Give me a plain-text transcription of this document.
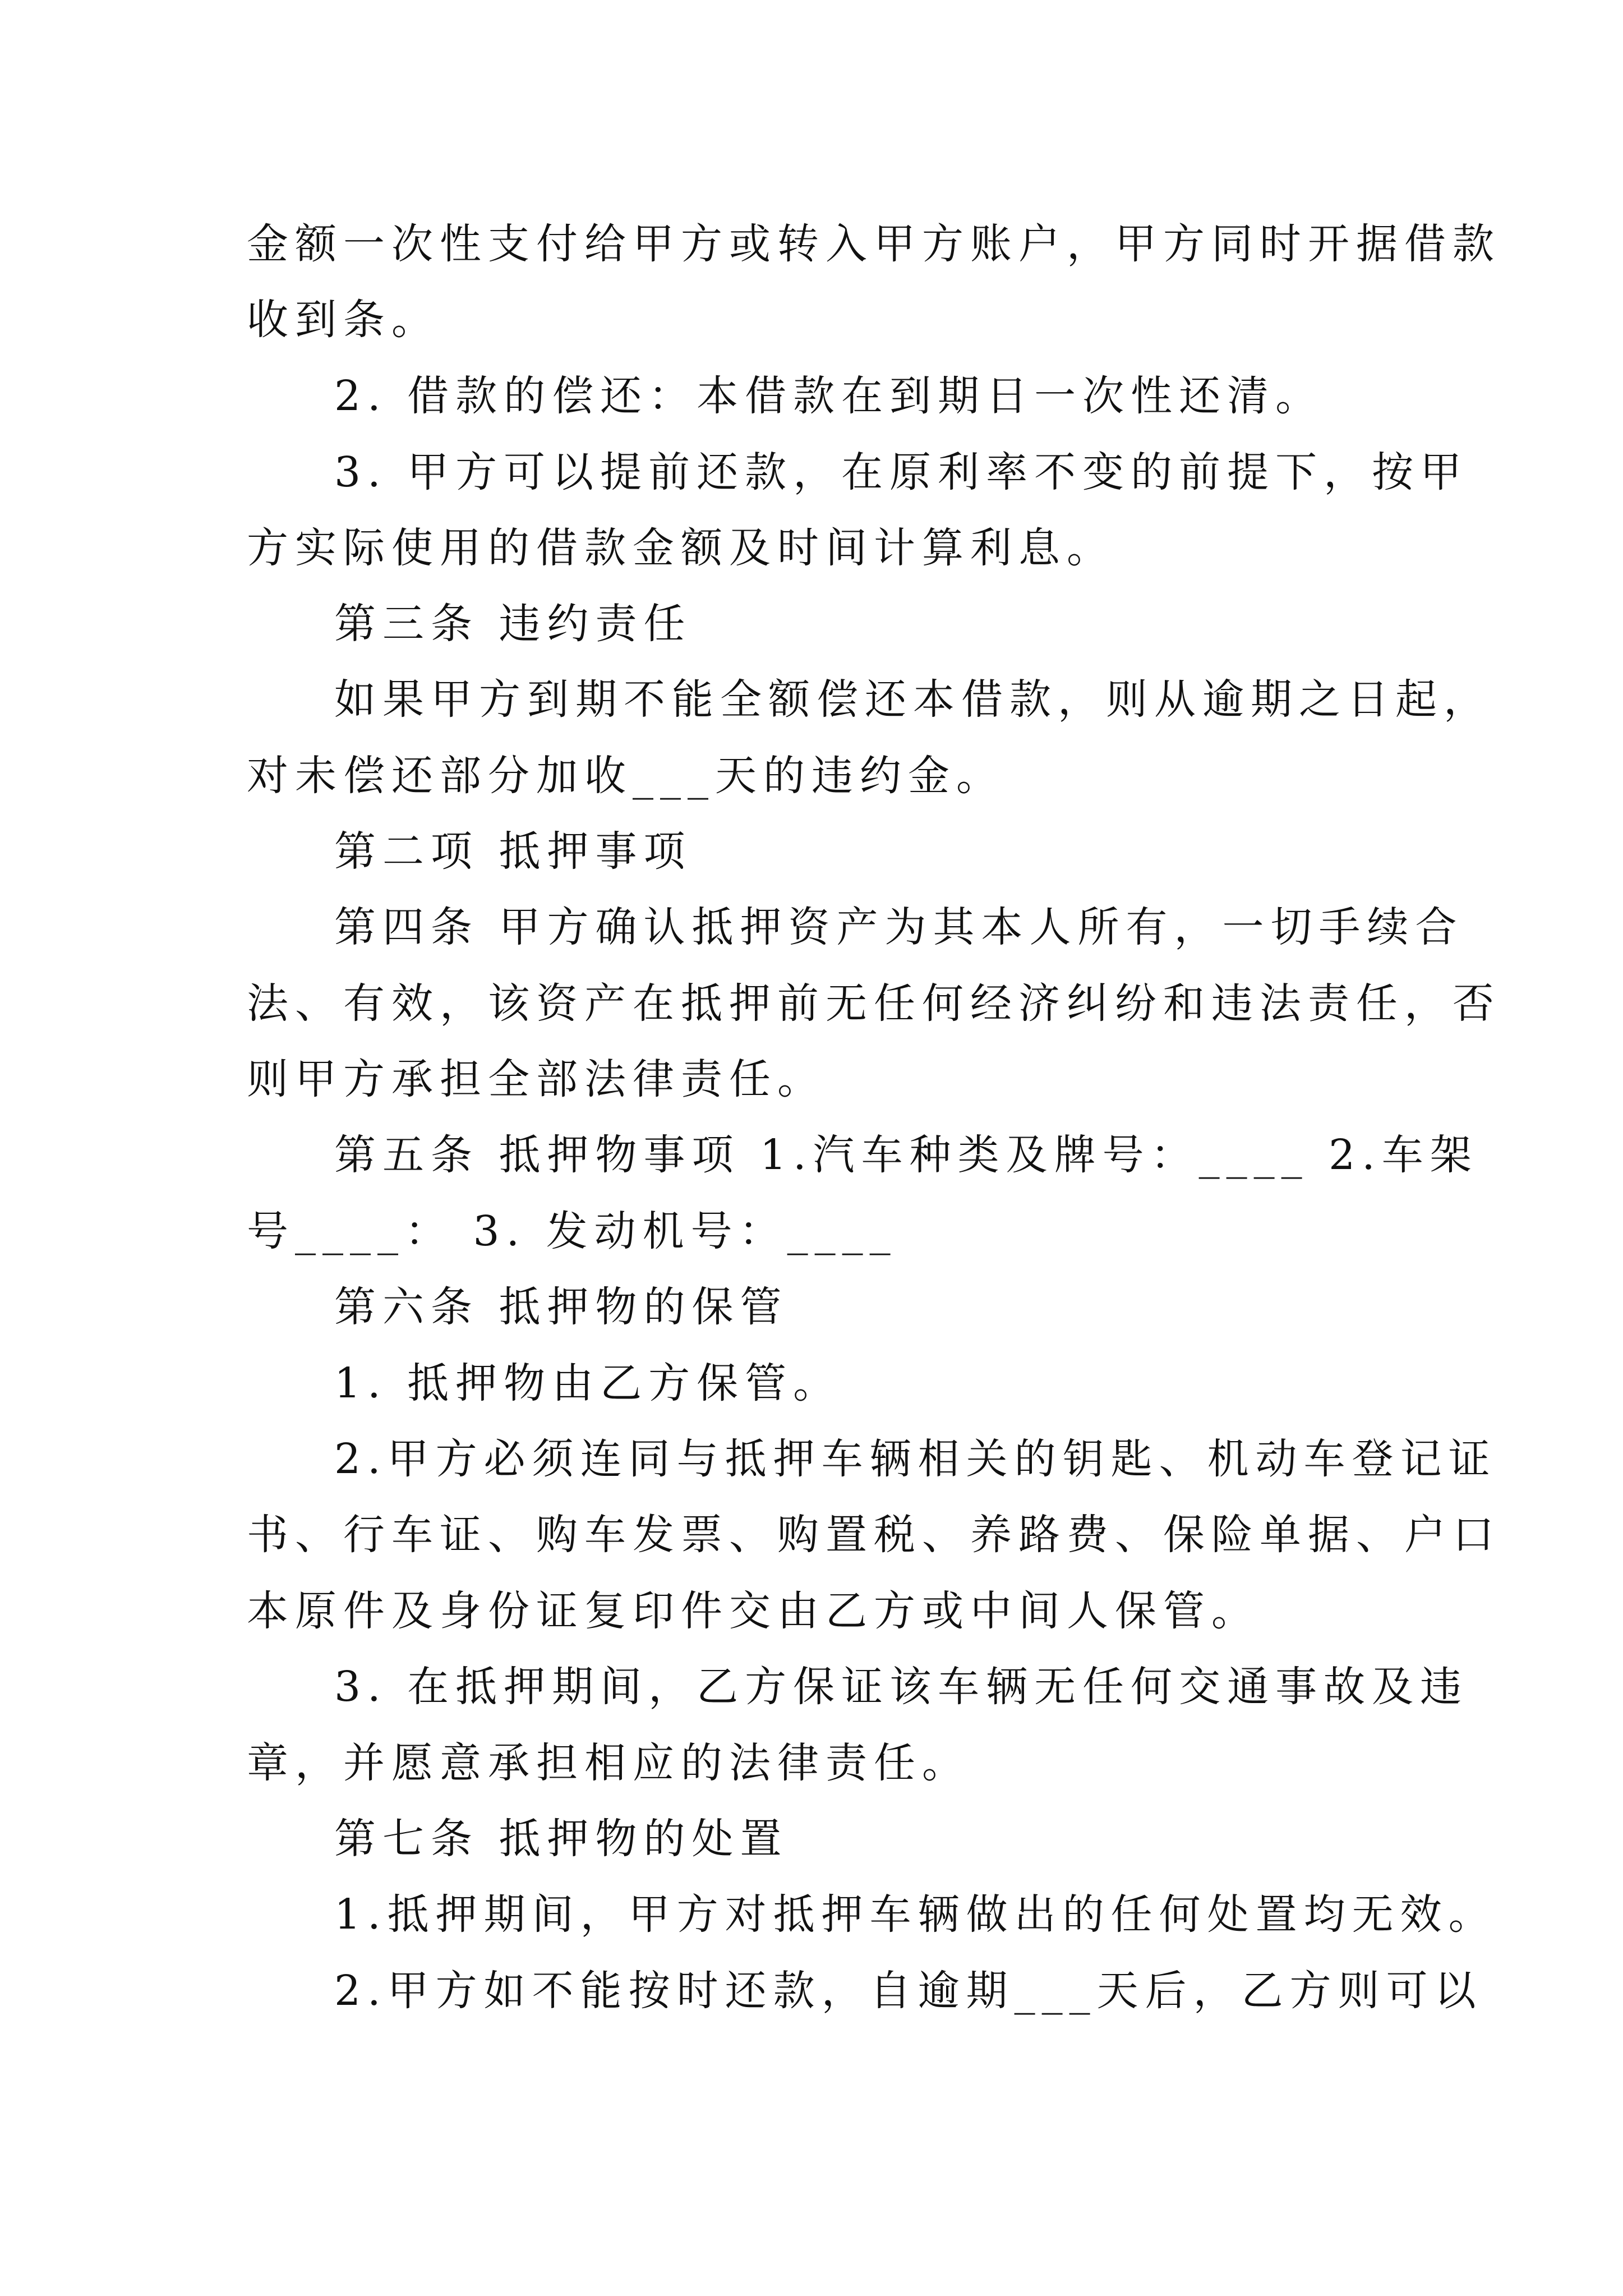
金额一次性支付给甲方或转入甲方账户，甲方同时开据借款
收到条。
2. 借款的偿还：本借款在到期日一次性还清。
3. 甲方可以提前还款，在原利率不变的前提下，按甲
方实际使用的借款金额及时间计算利息。
第三条 违约责任
如果甲方到期不能全额偿还本借款，则从逾期之日起，
对未偿还部分加收___天的违约金。
第二项 抵押事项
第四条 甲方确认抵押资产为其本人所有，一切手续合
法、有效，该资产在抵押前无任何经济纠纷和违法责任，否
则甲方承担全部法律责任。
第五条 抵押物事项 1.汽车种类及牌号：____ 2.车架
号____： 3. 发动机号：____
第六条 抵押物的保管
1. 抵押物由乙方保管。
2.甲方必须连同与抵押车辆相关的钥匙、机动车登记证
书、行车证、购车发票、购置税、养路费、保险单据、户口
本原件及身份证复印件交由乙方或中间人保管。
3. 在抵押期间，乙方保证该车辆无任何交通事故及违
章，并愿意承担相应的法律责任。
第七条 抵押物的处置
1.抵押期间，甲方对抵押车辆做出的任何处置均无效。
2.甲方如不能按时还款，自逾期___天后，乙方则可以
